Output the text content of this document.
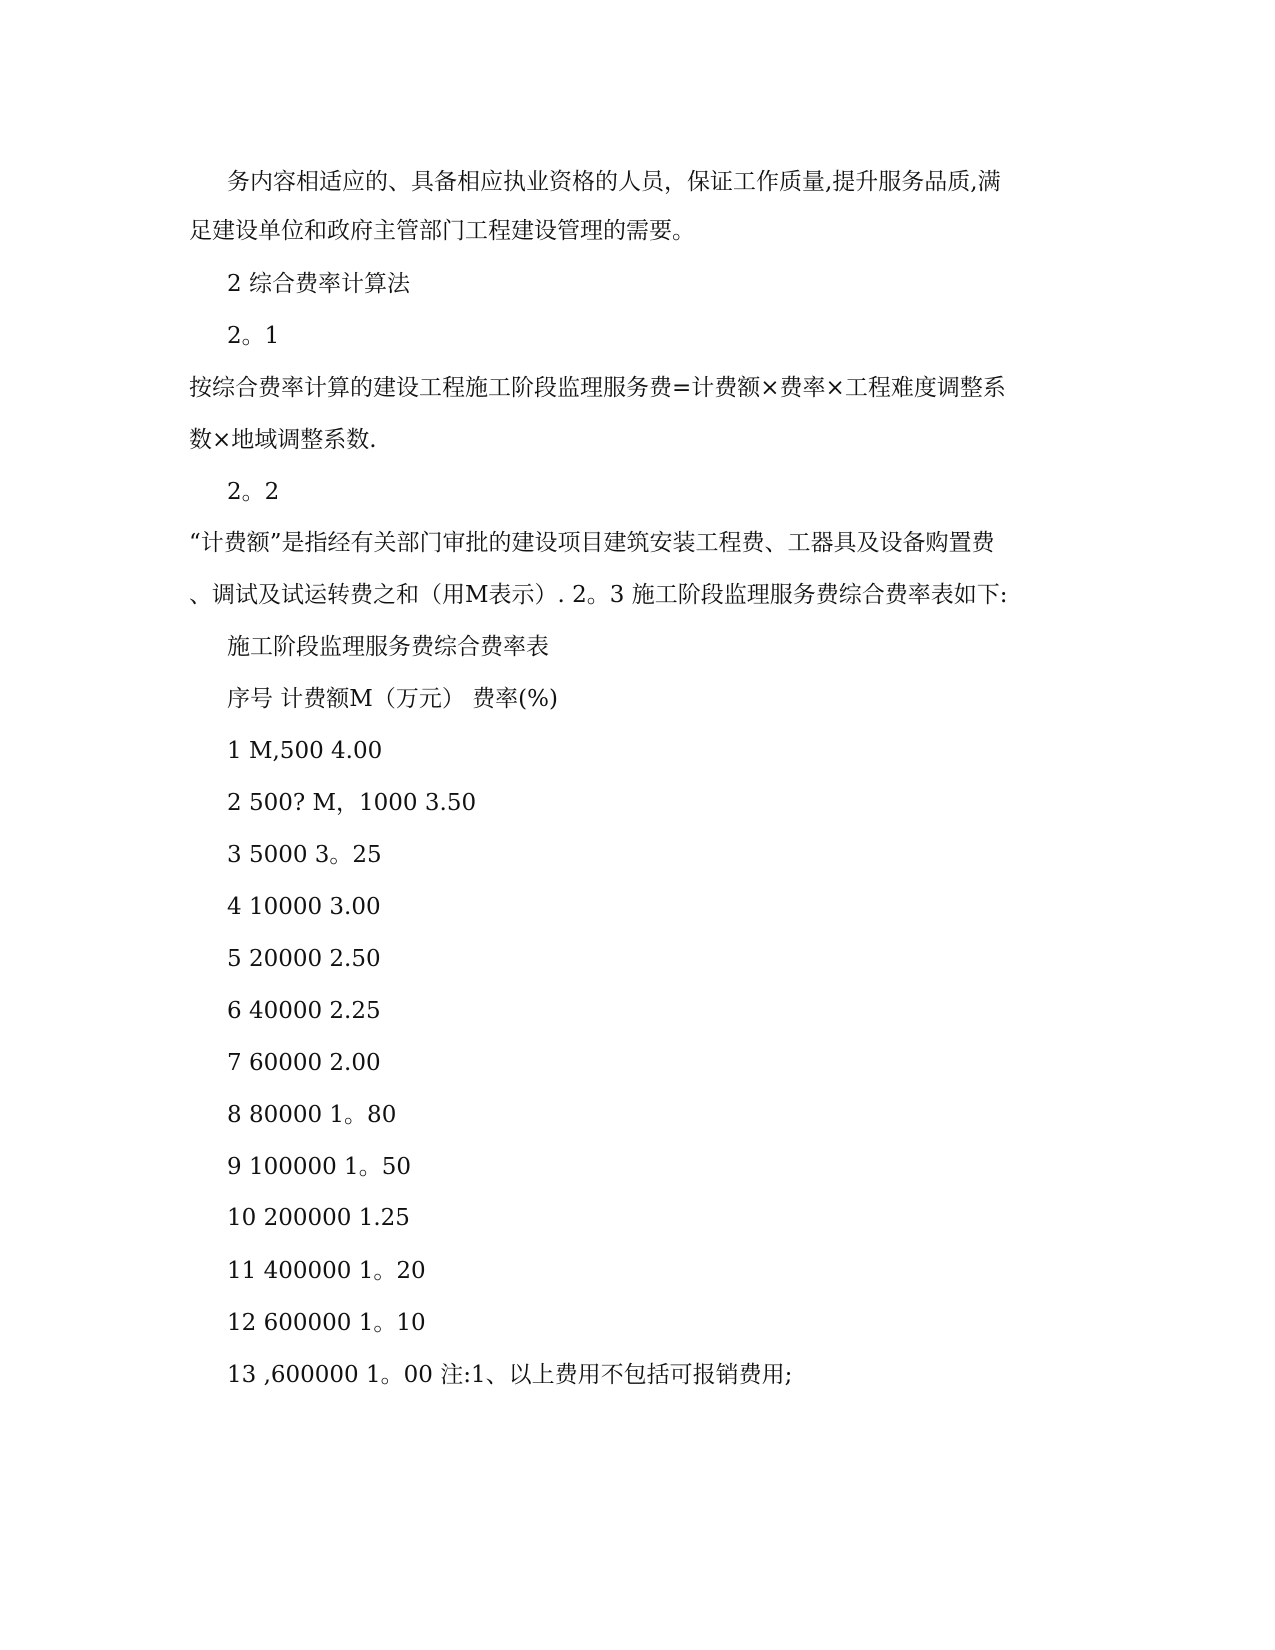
务内容相适应的、具备相应执业资格的人员，保证工作质量,提升服务品质,满
足建设单位和政府主管部门工程建设管理的需要。
2 综合费率计算法
2。1
按综合费率计算的建设工程施工阶段监理服务费=计费额×费率×工程难度调整系
数×地域调整系数.
2。2
“计费额”是指经有关部门审批的建设项目建筑安装工程费、工器具及设备购置费
、调试及试运转费之和（用M表示）. 2。3 施工阶段监理服务费综合费率表如下:
施工阶段监理服务费综合费率表
序号 计费额M（万元） 费率(%)
1 M,500 4.00
2 500? M，1000 3.50
3 5000 3。25
4 10000 3.00
5 20000 2.50
6 40000 2.25
7 60000 2.00
8 80000 1。80
9 100000 1。50
10 200000 1.25
11 400000 1。20
12 600000 1。10
13 ,600000 1。00 注:1、以上费用不包括可报销费用;
